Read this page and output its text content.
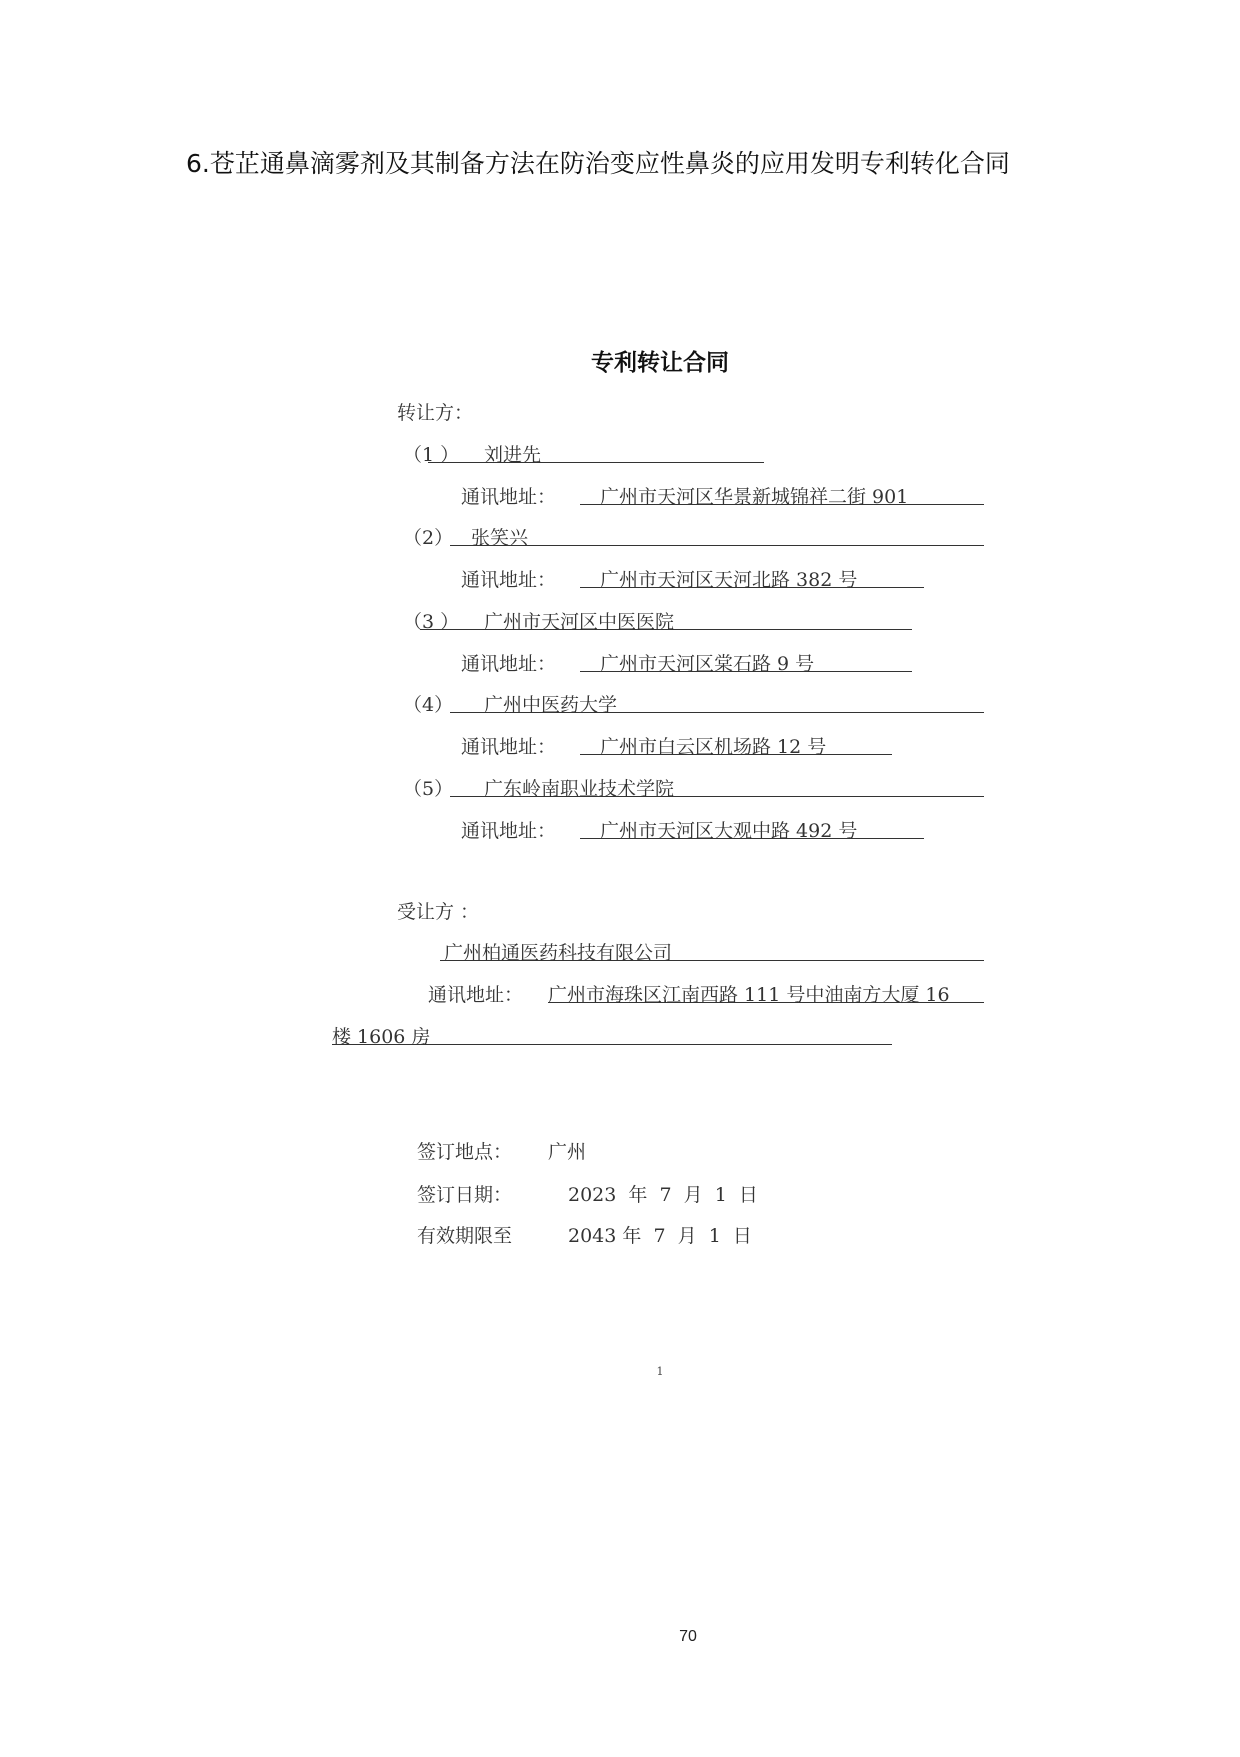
6.苍芷通鼻滴雾剂及其制备方法在防治变应性鼻炎的应用发明专利转化合同
专利转让合同
转让方：
（1 ） 刘进先
通讯地址： 广州市天河区华景新城锦祥二街 901
（2） 张笑兴
通讯地址： 广州市天河区天河北路 382 号
（3 ） 广州市天河区中医医院
通讯地址： 广州市天河区棠石路 9 号
（4） 广州中医药大学
通讯地址： 广州市白云区机场路 12 号
（5） 广东岭南职业技术学院
通讯地址： 广州市天河区大观中路 492 号
受让方 ：
广州柏通医药科技有限公司
通讯地址： 广州市海珠区江南西路 111 号中油南方大厦 16
楼 1606 房
签订地点： 广州
签订日期：	2023  年  7  月  1  日
有效期限至	2043 年  7  月  1  日
1
70
